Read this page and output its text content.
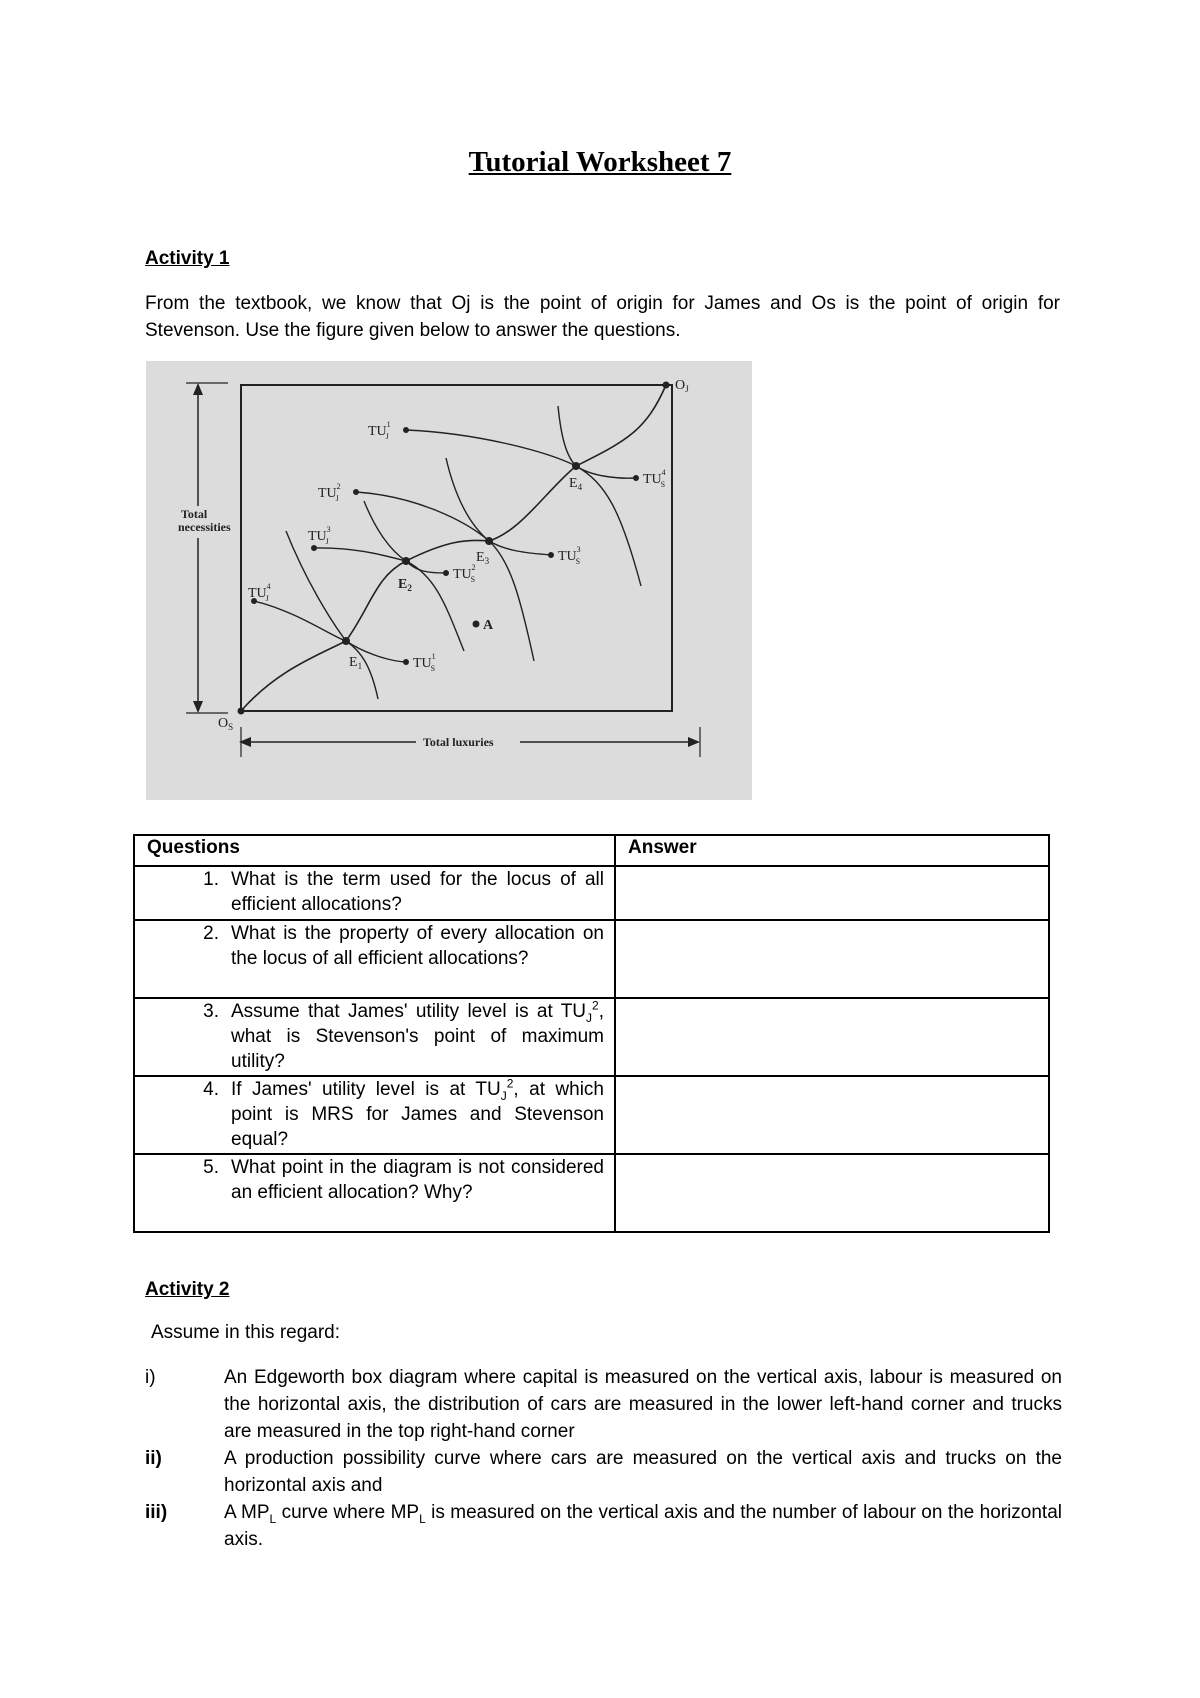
Tutorial Worksheet 7
Activity 1
From the textbook, we know that Oj is the point of origin for James and Os is the point of origin for Stevenson. Use the figure given below to answer the questions.
$O_J$
$O_S$
Total
necessities
Total luxuries
$TU^1$ J
$TU^2$ J
$TU^3$ J
$TU^4$ J
$TU^1$ S
$TU^2$ S
$TU^3$ S
$TU^4$ S
$E_1$
$E_2$
$E_3$
$E_4$
A
Questions	Answer

1. What is the term used for the locus of all efficient allocations?	

2. What is the property of every allocation on the locus of all efficient allocations?	

3. Assume that James' utility level is at $TU_J^2$, what is Stevenson's point of maximum utility?	

4. If James' utility level is at $TU_J^2$, at which point is MRS for James and Stevenson equal?	

5. What point in the diagram is not considered an efficient allocation? Why?	

Activity 2
Assume in this regard:
i)	An Edgeworth box diagram where capital is measured on the vertical axis, labour is measured on the horizontal axis, the distribution of cars are measured in the lower left-hand corner and trucks are measured in the top right-hand corner
ii)	A production possibility curve where cars are measured on the vertical axis and trucks on the horizontal axis and
iii)	A $MP_L$ curve where $MP_L$ is measured on the vertical axis and the number of labour on the horizontal axis.
